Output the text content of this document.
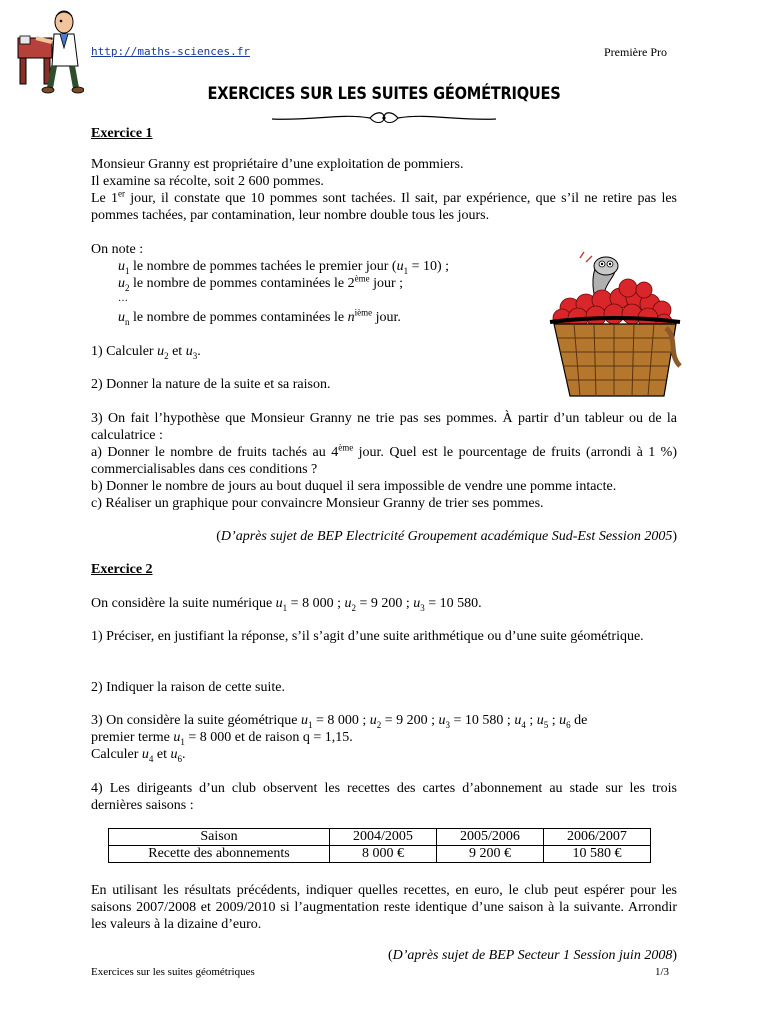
http://maths-sciences.fr	Première Pro
EXERCICES SUR LES SUITES GÉOMÉTRIQUES
Exercice 1
Monsieur Granny est propriétaire d’une exploitation de pommiers.
Il examine sa récolte, soit 2 600 pommes.
Le 1er jour, il constate que 10 pommes sont tachées. Il sait, par expérience, que s’il ne retire pas les pommes tachées, par contamination, leur nombre double tous les jours.
On note :
$u_1$ le nombre de pommes tachées le premier jour $(u_1 = 10)$ ;
$u_2$ le nombre de pommes contaminées le 2ème jour ;
…
$u_n$ le nombre de pommes contaminées le $n^{ième}$ jour.
1) Calculer $u_2$ et $u_3$.
2) Donner la nature de la suite et sa raison.
3) On fait l’hypothèse que Monsieur Granny ne trie pas ses pommes. À partir d’un tableur ou de la calculatrice :
a) Donner le nombre de fruits tachés au 4ème jour. Quel est le pourcentage de fruits (arrondi à 1 %) commercialisables dans ces conditions ?
b) Donner le nombre de jours au bout duquel il sera impossible de vendre une pomme intacte.
c) Réaliser un graphique pour convaincre Monsieur Granny de trier ses pommes.
(D’après sujet de BEP Electricité Groupement académique Sud-Est Session 2005)
Exercice 2
On considère la suite numérique $u_1 = 8$ 000 ; $u_2 = 9$ 200 ; $u_3 = 10$ 580.
1) Préciser, en justifiant la réponse, s’il s’agit d’une suite arithmétique ou d’une suite géométrique.
2) Indiquer la raison de cette suite.
3) On considère la suite géométrique $u_1 = 8$ 000 ; $u_2 = 9$ 200 ; $u_3 = 10$ 580 ; $u_4$ ; $u_5$ ; $u_6$ de
premier terme $u_1 = 8$ 000 et de raison q = 1,15.
Calculer $u_4$ et $u_6$.
4) Les dirigeants d’un club observent les recettes des cartes d’abonnement au stade sur les trois dernières saisons :
Saison	2004/2005	2005/2006	2006/2007
Recette des abonnements	8 000 €	9 200 €	10 580 €
En utilisant les résultats précédents, indiquer quelles recettes, en euro, le club peut espérer pour les saisons 2007/2008 et 2009/2010 si l’augmentation reste identique d’une saison à la suivante. Arrondir les valeurs à la dizaine d’euro.
(D’après sujet de BEP Secteur 1 Session juin 2008)
Exercices sur les suites géométriques	1/3
